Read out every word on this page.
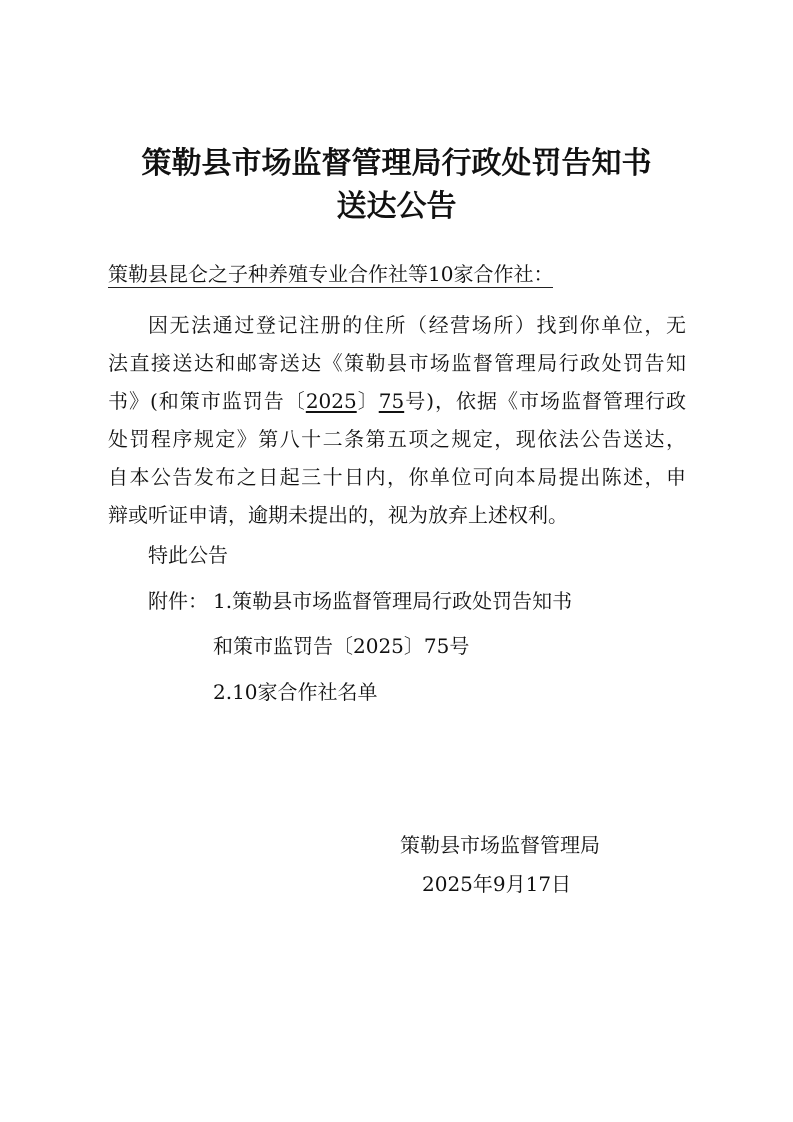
策勒县市场监督管理局行政处罚告知书
送达公告
策勒县昆仑之子种养殖专业合作社等10家合作社：
因无法通过登记注册的住所（经营场所）找到你单位，无
法直接送达和邮寄送达《策勒县市场监督管理局行政处罚告知
书》(和策市监罚告〔2025〕75号)，依据《市场监督管理行政
处罚程序规定》第八十二条第五项之规定，现依法公告送达，
自本公告发布之日起三十日内，你单位可向本局提出陈述，申
辩或听证申请，逾期未提出的，视为放弃上述权利。
特此公告
附件： 1.策勒县市场监督管理局行政处罚告知书
和策市监罚告〔2025〕75号
2.10家合作社名单
策勒县市场监督管理局
2025年9月17日
